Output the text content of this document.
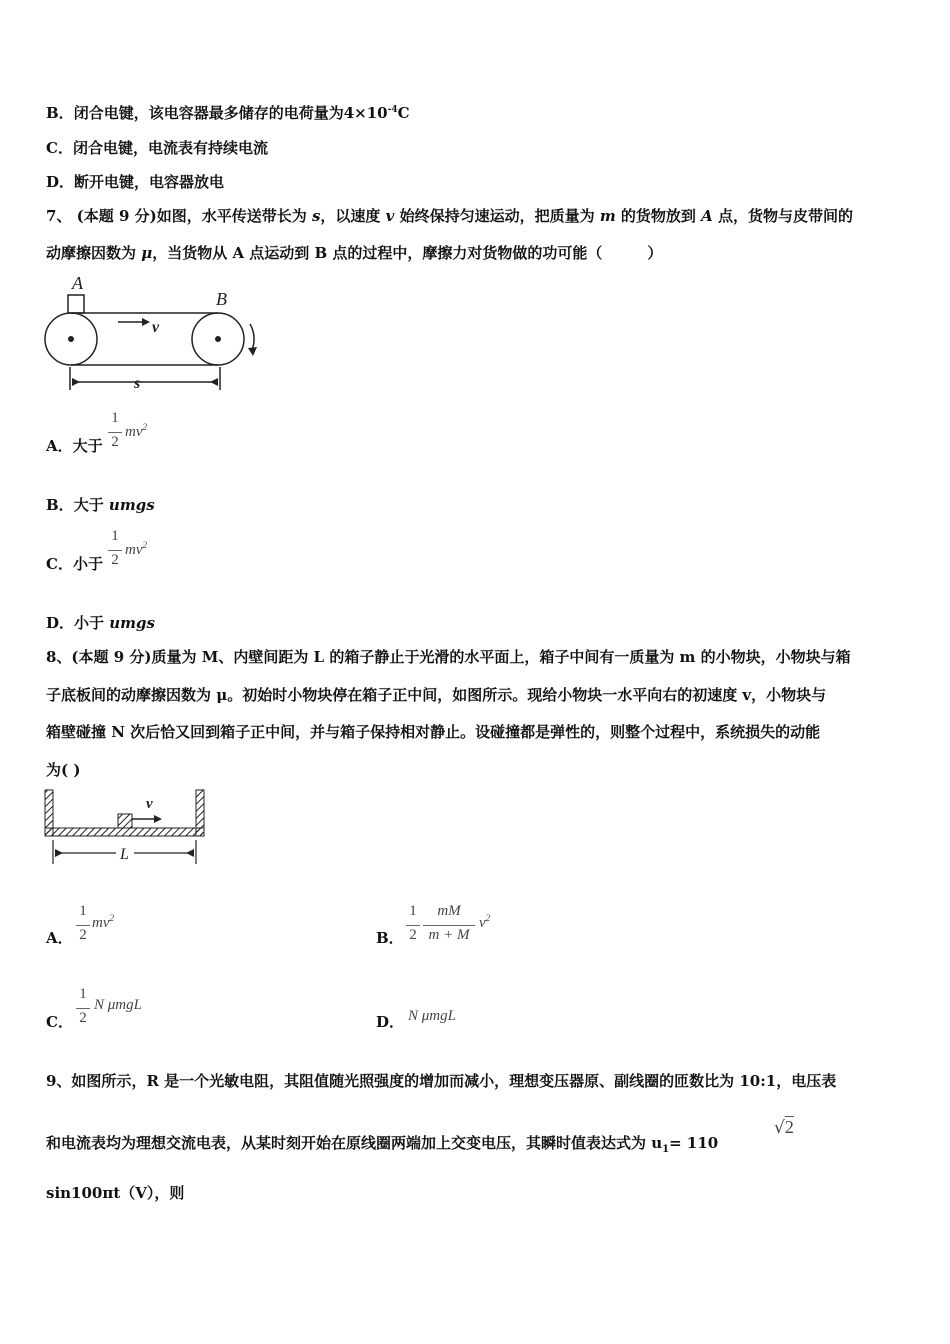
B．闭合电键，该电容器最多储存的电荷量为$4\times 10^{-4}C$
C．闭合电键，电流表有持续电流
D．断开电键，电容器放电
7、 (本题 9 分)如图，水平传送带长为 s，以速度 v 始终保持匀速运动，把质量为 m 的货物放到 A 点，货物与皮带间的
动摩擦因数为 μ，当货物从 A 点运动到 B 点的过程中，摩擦力对货物做的功可能（　　　）
A
B
v
s
A．大于
1
2
$mv^2$
B．大于 umgs
C．小于
1
2
$mv^2$
D．小于 umgs
8、(本题 9 分)质量为 M、内壁间距为 L 的箱子静止于光滑的水平面上，箱子中间有一质量为 m 的小物块，小物块与箱
子底板间的动摩擦因数为 μ。初始时小物块停在箱子正中间，如图所示。现给小物块一水平向右的初速度 v，小物块与
箱壁碰撞 N 次后恰又回到箱子正中间，并与箱子保持相对静止。设碰撞都是弹性的，则整个过程中，系统损失的动能
为( )
v
L
A．
1
2
$mv^2$
B．
1
2
mM
m + M
$v^2$
C．
1
2
N μmgL
D． N μmgL
9、如图所示，R 是一个光敏电阻，其阻值随光照强度的增加而减小，理想变压器原、副线圈的匝数比为 10:1，电压表
和电流表均为理想交流电表，从某时刻开始在原线圈两端加上交变电压，其瞬时值表达式为 $u_1= 110$
√2
sin100πt（V），则
